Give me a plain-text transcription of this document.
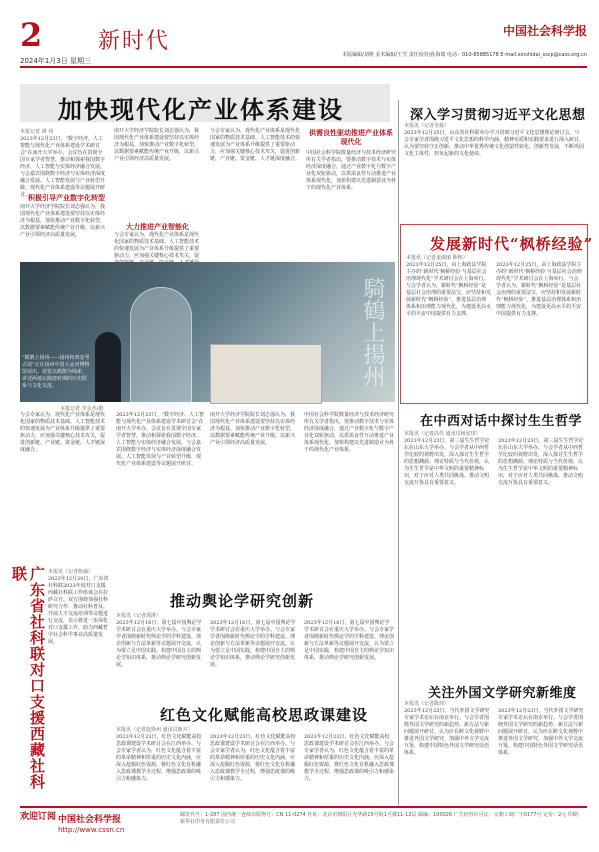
2	新时代	中国社会科学报
2024年1月3日 星期三
本版编辑/刘维 美术编辑/王雪 责任校对/孙海瑞 电话：010-85885178 E-mail:xinshidai_sscp@cass.org.cn
加快现代化产业体系建设
本报记者 谭 伟
2023年12月23日，“数字经济、人工智能与现代化产业体系建设学术研讨会”在南开大学举办。会议旨在贯彻全国专家学者智慧，推动和探索我国数字经济、人工智能与实体经济融合发展。与会嘉宾围绕数字经济与实体经济深度融合发展、人工智能发展与产业转型升级、现代化产业体系建设等议题展开研讨。
积极引导产业数字化转型
南开大学经济学院院长刘志强认为，我国现代化产业体系建设要坚持以实体经济为根基，加快推动产业数字化转型，以数据要素赋能传统产业升级，以新兴产业引领经济高质量发展。
南开大学经济学院院长刘志强认为，我国现代化产业体系建设要坚持以实体经济为根基，加快推动产业数字化转型，以数据要素赋能传统产业升级，以新兴产业引领经济高质量发展。
大力推进产业智能化
与会专家认为，现代化产业体系是现代化国家的物质技术基础。人工智能技术的快速发展为产业体系升级提供了重要驱动力，应加强关键核心技术攻关，促
与会专家认为，现代化产业体系是现代化国家的物质技术基础。人工智能技术的快速发展为产业体系升级提供了重要驱动力，应加强关键核心技术攻关，促进创新链、产业链、资金链、人才链深度融合。
供需良性驱动推进产业体系现代化
中国社会科学院数量经济与技术经济研究所有关学者指出，要推动数字技术与实体经济深度融合，通过产业数字化与数字产业化双轮驱动，以供需良性互动推进产业体系现代化，加快构建以先进制造业为骨干的现代化产业体系。
騎鶴上揚州
“鹤鹊上扬州——扬州和西安考古展”正在扬州中国大运河博物馆展出。展览以鹤鹊为线索，讲述两地在隋唐时期的历史联系与文化交流。
本报记者 李永杰/摄
深入学习贯彻习近平文化思想
本报讯（记者吴杨）
2023年12月25日，山东省社科联举办学习贯彻习近平文化思想理论研讨会。与会专家学者围绕习近平文化思想的科学内涵、精神实质和实践要求进行深入研讨，认为要坚持守正创新，推动中华优秀传统文化创造性转化、创新性发展，不断巩固文化主体性，担负起新的文化使命。
发展新时代“枫桥经验”
本报讯（记者姜淑丽 陈练）
2023年12月25日，由上海政法学院主办的“新时代‘枫桥经验’与基层社会治理现代化”学术研讨会在上海举行。与会学者认为，新时代“枫桥经验”是基层社会治理的重要法宝，应坚持和发展新时代“枫桥经验”，推进基层治理体系和治理能力现代化，为建设更高水平的平安中国提供有力支撑。
2023年12月25日，由上海政法学院主办的“新时代‘枫桥经验’与基层社会治理现代化”学术研讨会在上海举行。与会学者认为，新时代“枫桥经验”是基层社会治理的重要法宝，应坚持和发展新时代“枫桥经验”，推进基层治理体系和治理能力现代化，为建设更高水平的平安中国提供有力支撑。
在中西对话中探讨生生哲学
本报讯（记者高佳 通讯员杨安琪）
2023年12月23日，第三届生生哲学论坛在山东大学举办。与会学者从中西哲学比较的视野出发，深入探讨生生哲学的思想渊源、理论特质与当代价值，认为生生哲学是中华文明的重要精神标识，对于应对人类共同挑战、推动文明交流互鉴具有重要意义。
2023年12月23日，第三届生生哲学论坛在山东大学举办。与会学者从中西哲学比较的视野出发，深入探讨生生哲学的思想渊源、理论特质与当代价值，认为生生哲学是中华文明的重要精神标识，对于应对人类共同挑战、推动文明交流互鉴具有重要意义。
关注外国文学研究新维度
本报讯（记者陈炜）
2023年12月23日，当代外国文学研究专家学术论坛在南京举行。与会学者围绕外国文学研究的新趋势、新方法与新问题展开研讨，认为应在跨文化视野中推进外国文学研究，加强中外文学交流互鉴，构建中国特色外国文学研究话语体系。
2023年12月23日，当代外国文学研究专家学术论坛在南京举行。与会学者围绕外国文学研究的新趋势、新方法与新问题展开研讨，认为应在跨文化视野中推进外国文学研究，加强中外文学交流互鉴，构建中国特色外国文学研究话语体系。
广东省社科联对口支援西藏社科联	本报讯（记者陈瑜）
2023年12月20日，广东省社科联2023年度对口支援西藏社科联工作座谈会在拉萨召开。双方围绕加强社科研究合作、推动社科普及、开展人才交流培训等议题进行交流，表示将进一步深化对口支援工作，助力西藏哲学社会科学事业高质量发展。
推动舆论学研究创新
本报讯（记者郭湃）
2023年12月16日，第七届中国舆论学学术研讨会在重庆大学举办。与会专家学者围绕新时代舆论学的学科建设、理论创新与方法革新等议题展开交流，认为要立足中国实践，构建中国自主的舆论学知识体系，推动舆论学研究创新发展。
2023年12月16日，第七届中国舆论学学术研讨会在重庆大学举办。与会专家学者围绕新时代舆论学的学科建设、理论创新与方法革新等议题展开交流，认为要立足中国实践，构建中国自主的舆论学知识体系，推动舆论学研究创新发展。
2023年12月16日，第七届中国舆论学学术研讨会在重庆大学举办。与会专家学者围绕新时代舆论学的学科建设、理论创新与方法革新等议题展开交流，认为要立足中国实践，构建中国自主的舆论学知识体系，推动舆论学研究创新发展。
红色文化赋能高校思政课建设
本报讯（记者赵徐州 通讯员陈卉）
2023年12月23日，红色文化赋能高校思政课建设学术研讨会在江西举办。与会专家学者认为，红色文化蕴含着丰富的革命精神和厚重的历史文化内涵，应深入挖掘红色资源，将红色文化有机融入思政课教学全过程，增强思政课的吸引力和感染力。
2023年12月23日，红色文化赋能高校思政课建设学术研讨会在江西举办。与会专家学者认为，红色文化蕴含着丰富的革命精神和厚重的历史文化内涵，应深入挖掘红色资源，将红色文化有机融入思政课教学全过程，增强思政课的吸引力和感染力。
2023年12月23日，红色文化赋能高校思政课建设学术研讨会在江西举办。与会专家学者认为，红色文化蕴含着丰富的革命精神和厚重的历史文化内涵，应深入挖掘红色资源，将红色文化有机融入思政课教学全过程，增强思政课的吸引力和感染力。
2023年12月23日，“数字经济、人工智能与现代化产业体系建设学术研讨会”在南开大学举办。会议旨在贯彻全国专家学者智慧，推动和探索我国数字经济、人工智能与实体经济融合发展。与会嘉宾围绕数字经济与实体经济深度融合发展、人工智能发展与产业转型升级、现代化产业体系建设等议题展开研讨。
南开大学经济学院院长刘志强认为，我国现代化产业体系建设要坚持以实体经济为根基，加快推动产业数字化转型，以数据要素赋能传统产业升级，以新兴产业引领经济高质量发展。
中国社会科学院数量经济与技术经济研究所有关学者指出，要推动数字技术与实体经济深度融合，通过产业数字化与数字产业化双轮驱动，以供需良性互动推进产业体系现代化，加快构建以先进制造业为骨干的现代化产业体系。
与会专家认为，现代化产业体系是现代化国家的物质技术基础。人工智能技术的快速发展为产业体系升级提供了重要驱动力，应加强关键核心技术攻关，促进创新链、产业链、资金链、人才链深度融合。
欢迎订阅 中国社会科学报
http://www.cssn.cn
邮发代号：1-287 国内统一连续出版物号：CN 11-0274 社址：北京市朝阳区光华路15号院1号楼11-12层 邮编：100026 广告经营许可证：京朝工商广字0177号 定价：2元 印刷：新华社印务有限责任公司
